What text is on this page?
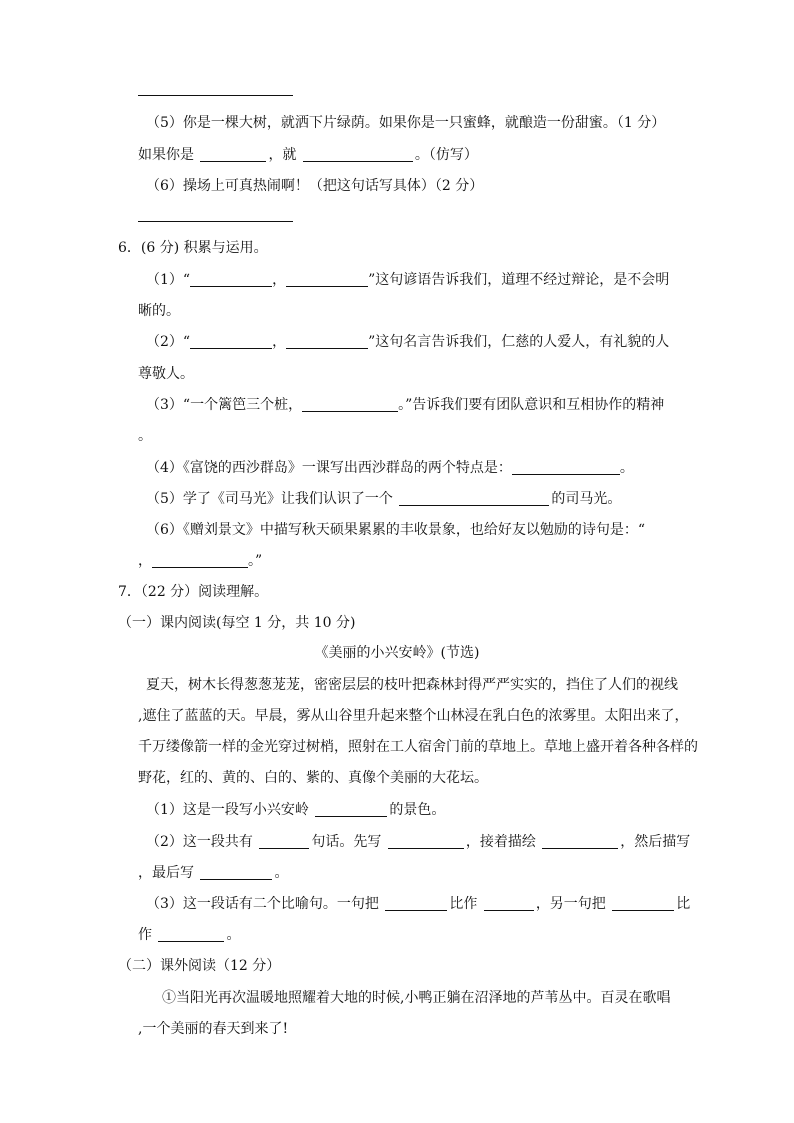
（5）你是一棵大树，就洒下片绿荫。如果你是一只蜜蜂，就酿造一份甜蜜。（1 分）
如果你是	，就	。（仿写）
（6）操场上可真热闹啊！（把这句话写具体）（2 分）
6．(6 分) 积累与运用。
（1）“	，	”这句谚语告诉我们，道理不经过辩论，是不会明
晰的。
（2）“	，	”这句名言告诉我们，仁慈的人爱人，有礼貌的人
尊敬人。
（3）“一个篱笆三个桩，	。”告诉我们要有团队意识和互相协作的精神
。
（4）《富饶的西沙群岛》一课写出西沙群岛的两个特点是：	。
（5）学了《司马光》让我们认识了一个	的司马光。
（6）《赠刘景文》中描写秋天硕果累累的丰收景象，也给好友以勉励的诗句是：“
，	。”
7．（22 分）阅读理解。
（一）课内阅读(每空 1 分，共 10 分)
《美丽的小兴安岭》(节选)
夏天，树木长得葱葱茏茏，密密层层的枝叶把森林封得严严实实的，挡住了人们的视线
,遮住了蓝蓝的天。早晨，雾从山谷里升起来整个山林浸在乳白色的浓雾里。太阳出来了，
千万缕像箭一样的金光穿过树梢，照射在工人宿舍门前的草地上。草地上盛开着各种各样的
野花，红的、黄的、白的、紫的、真像个美丽的大花坛。
（1）这是一段写小兴安岭	的景色。
（2）这一段共有	句话。先写	，接着描绘	，然后描写
，最后写	。
（3）这一段话有二个比喻句。一句把	比作	，另一句把	比
作	。
（二）课外阅读（12 分）
①当阳光再次温暖地照耀着大地的时候,小鸭正躺在沼泽地的芦苇丛中。百灵在歌唱
,一个美丽的春天到来了!
